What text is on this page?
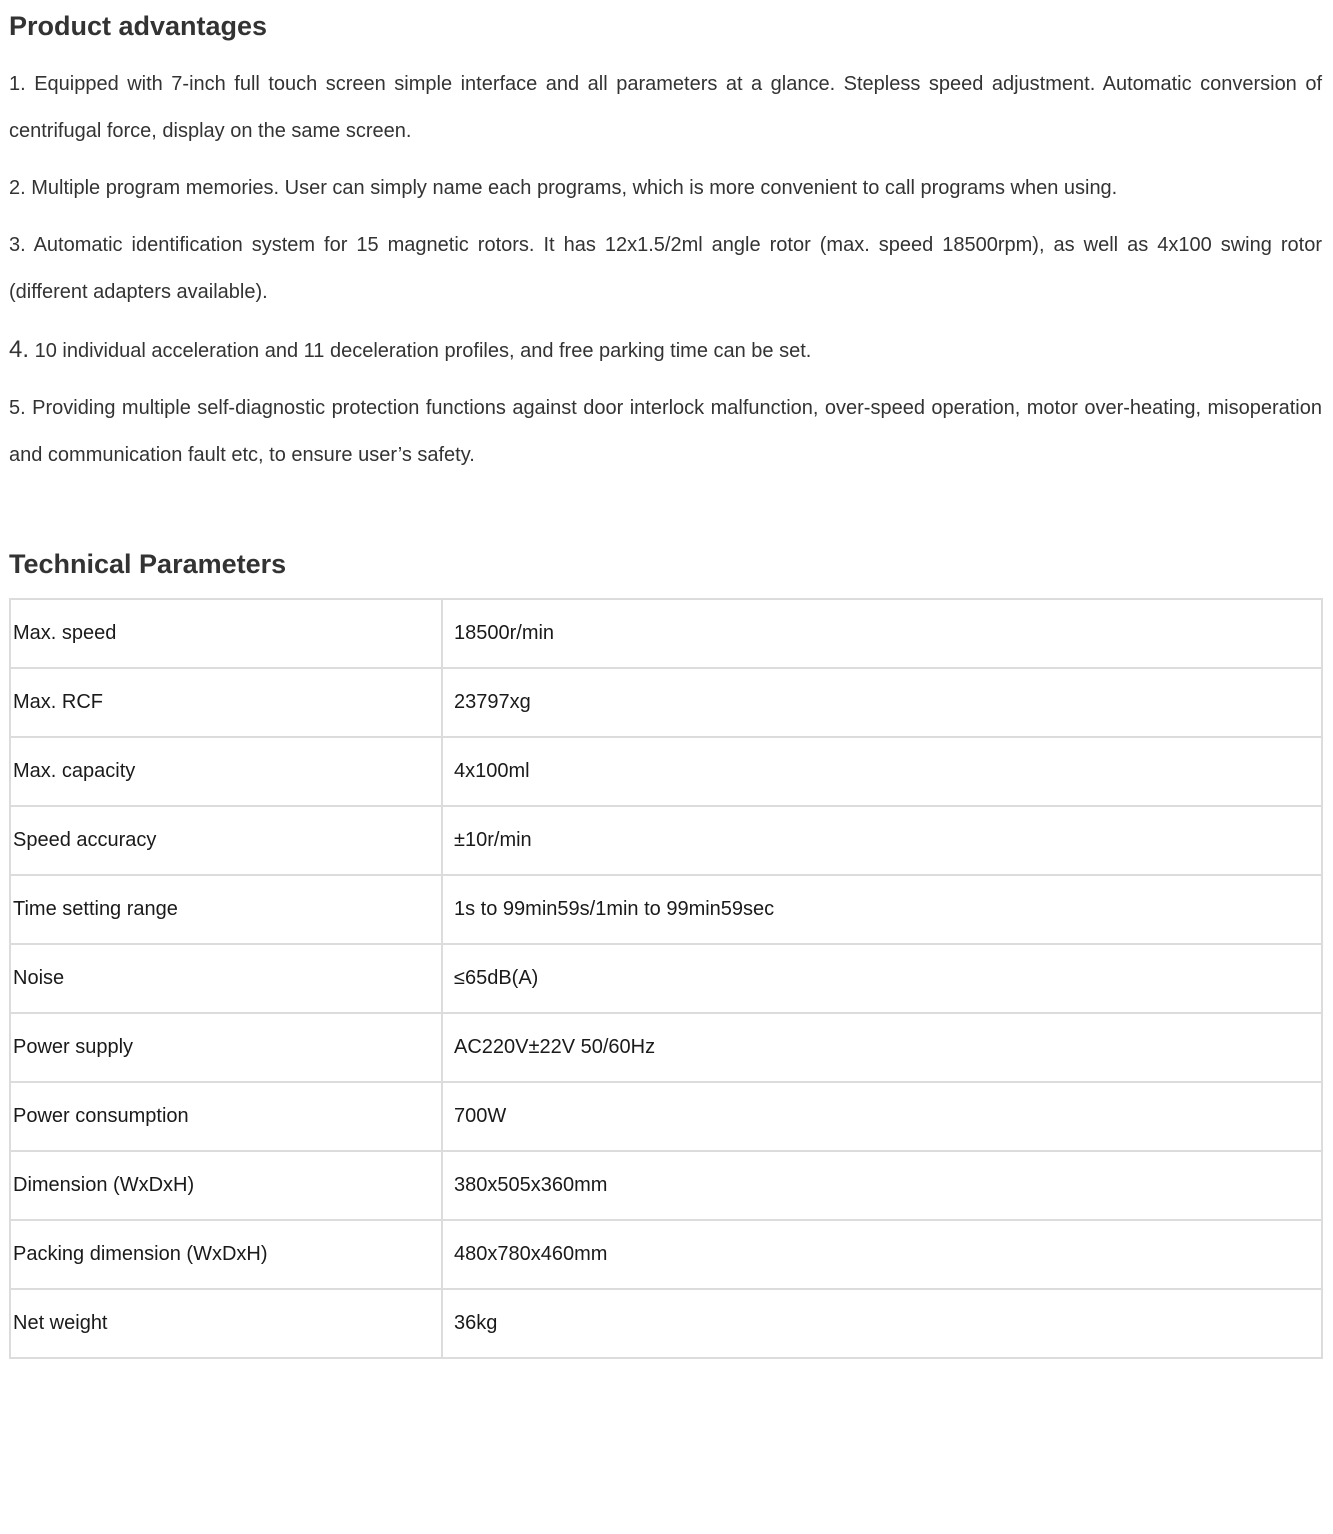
Product advantages

1. Equipped with 7-inch full touch screen simple interface and all parameters at a glance. Stepless speed adjustment. Automatic conversion of centrifugal force, display on the same screen.

2. Multiple program memories. User can simply name each programs, which is more convenient to call programs when using.

3. Automatic identification system for 15 magnetic rotors. It has 12x1.5/2ml angle rotor (max. speed 18500rpm), as well as 4x100 swing rotor (different adapters available).

4. 10 individual acceleration and 11 deceleration profiles, and free parking time can be set.

5. Providing multiple self-diagnostic protection functions against door interlock malfunction, over-speed operation, motor over-heating, misoperation and communication fault etc, to ensure user’s safety.

Technical Parameters
Max. speed	18500r/min
Max. RCF	23797xg
Max. capacity	4x100ml
Speed accuracy	±10r/min
Time setting range	1s to 99min59s/1min to 99min59sec
Noise	≤65dB(A)
Power supply	AC220V±22V 50/60Hz
Power consumption	700W
Dimension (WxDxH)	380x505x360mm
Packing dimension (WxDxH)	480x780x460mm
Net weight	36kg
